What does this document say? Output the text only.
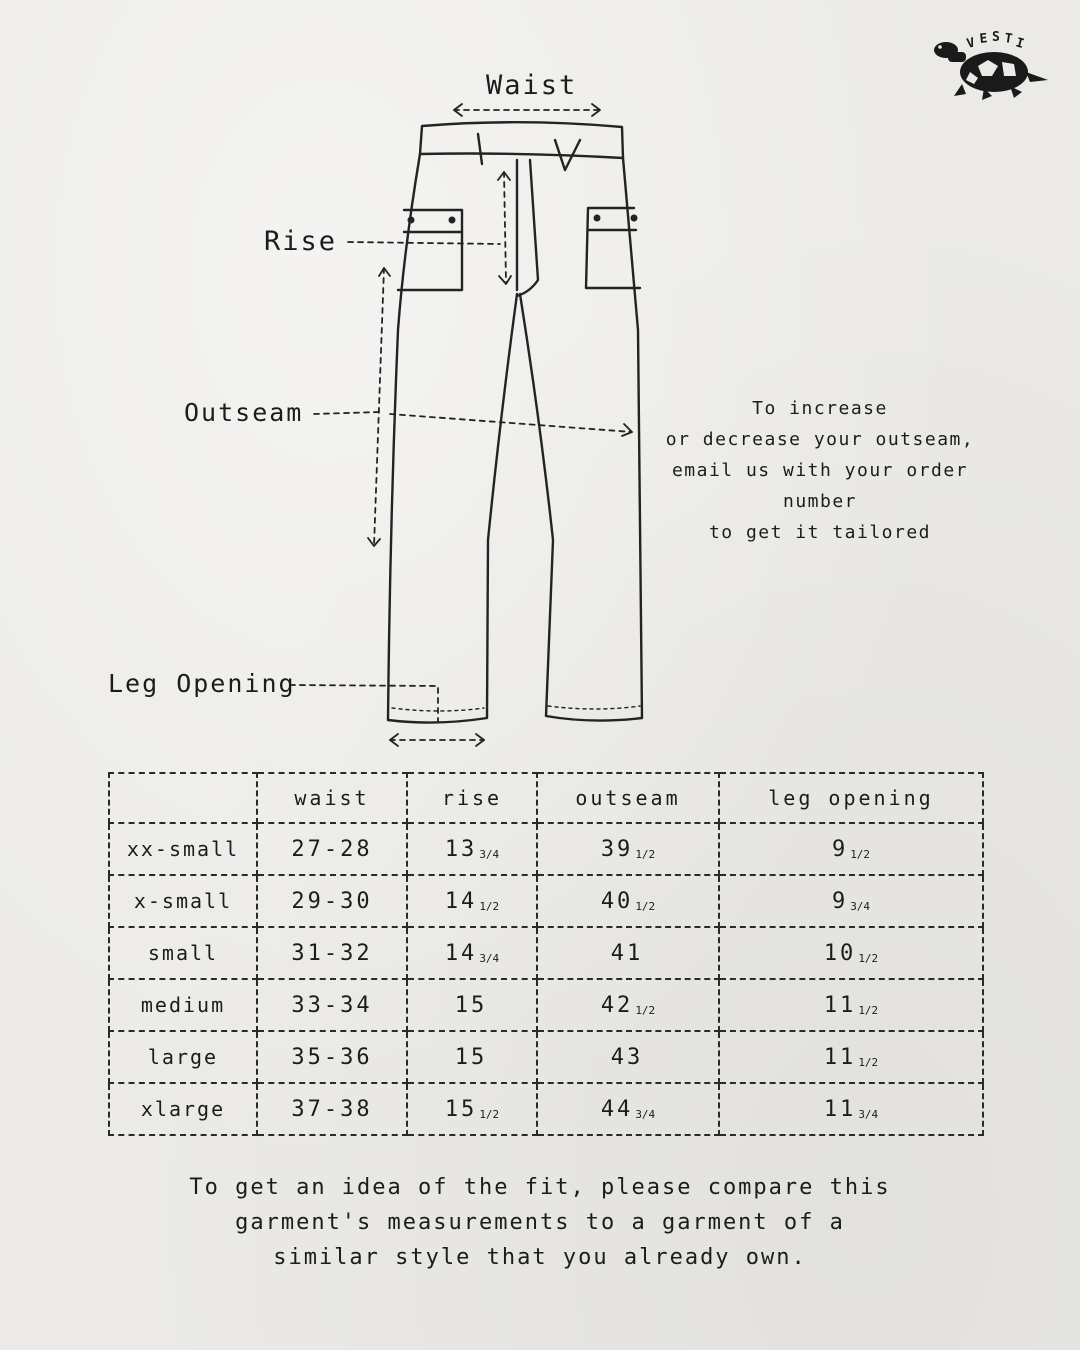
V E S T I
Waist
Rise
Outseam
Leg Opening
To increase
or decrease your outseam,
email us with your order number
to get it tailored
	waist	rise	outseam	leg opening
xx-small	27-28	13 3/4	39 1/2	9 1/2
x-small	29-30	14 1/2	40 1/2	9 3/4
small	31-32	14 3/4	41	10 1/2
medium	33-34	15	42 1/2	11 1/2
large	35-36	15	43	11 1/2
xlarge	37-38	15 1/2	44 3/4	11 3/4
To get an idea of the fit, please compare this
garment's measurements to a garment of a
similar style that you already own.
